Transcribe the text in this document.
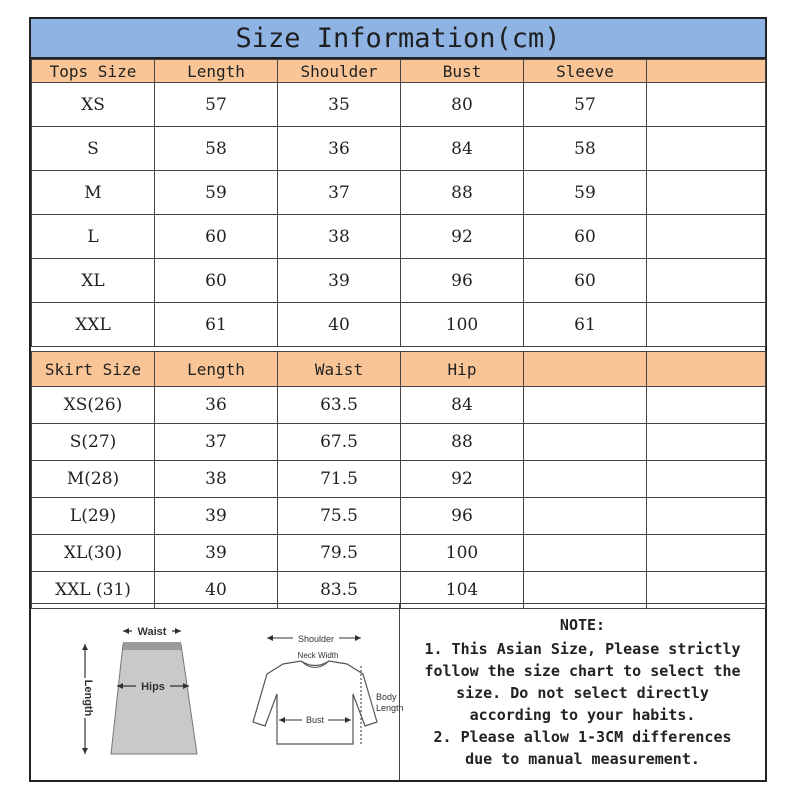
Size Information(cm)
Tops Size	Length	Shoulder	Bust	Sleeve	
XS	57	35	80	57	
S	58	36	84	58	
M	59	37	88	59	
L	60	38	92	60	
XL	60	39	96	60	
XXL	61	40	100	61	
Skirt Size	Length	Waist	Hip		
XS(26)	36	63.5	84		
S(27)	37	67.5	88		
M(28)	38	71.5	92		
L(29)	39	75.5	96		
XL(30)	39	79.5	100		
XXL (31)	40	83.5	104		
Waist
Hips
Length
Shoulder
Neck Width
Bust
Body Length
NOTE:
1. This Asian Size, Please strictly
follow the size chart to select the
size. Do not select directly
according to your habits.
2. Please allow 1-3CM differences
due to manual measurement.
